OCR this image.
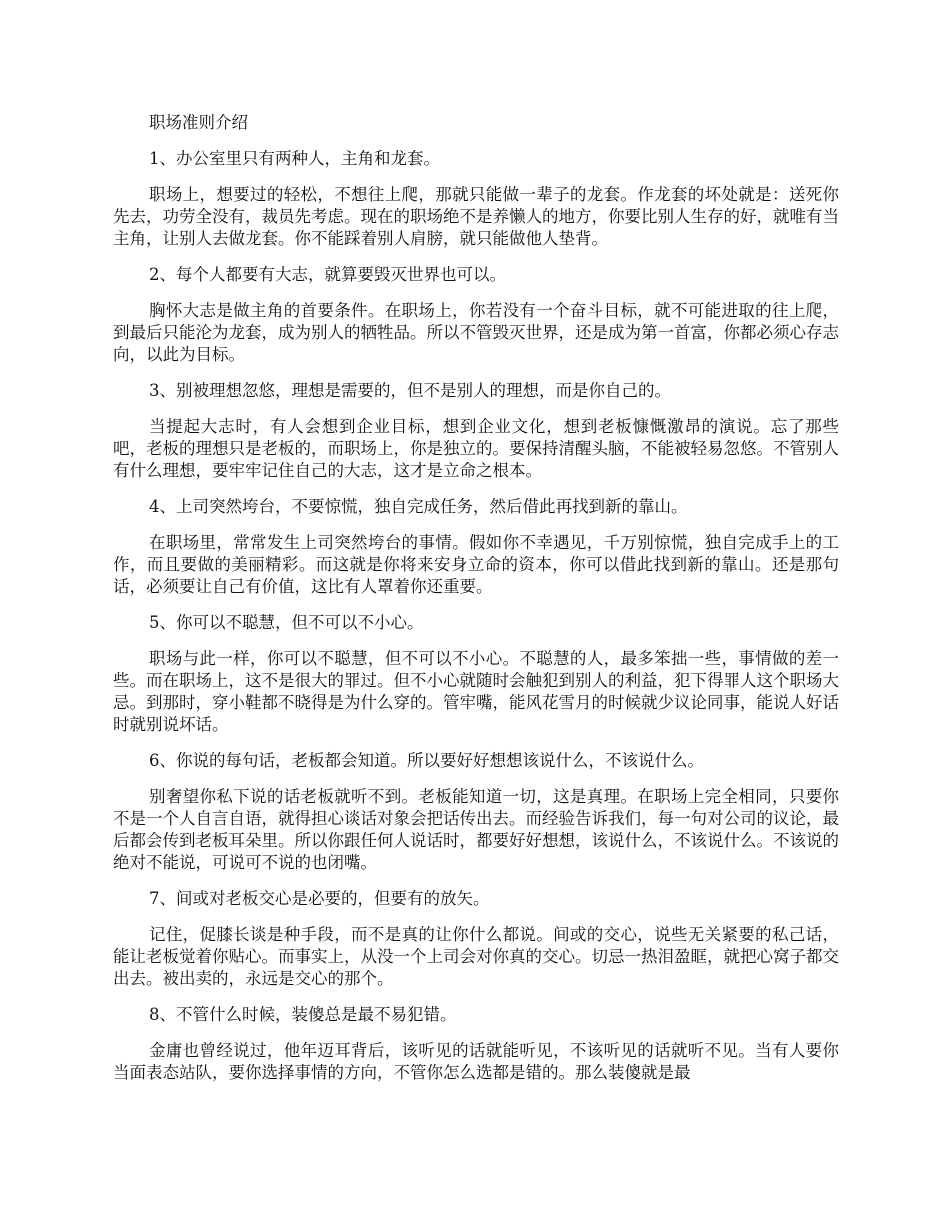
职场准则介绍

1、办公室里只有两种人，主角和龙套。

职场上，想要过的轻松，不想往上爬，那就只能做一辈子的龙套。作龙套的坏处就是：送死你先去，功劳全没有，裁员先考虑。现在的职场绝不是养懒人的地方，你要比别人生存的好，就唯有当主角，让别人去做龙套。你不能踩着别人肩膀，就只能做他人垫背。

2、每个人都要有大志，就算要毁灭世界也可以。

胸怀大志是做主角的首要条件。在职场上，你若没有一个奋斗目标，就不可能进取的往上爬，到最后只能沦为龙套，成为别人的牺牲品。所以不管毁灭世界，还是成为第一首富，你都必须心存志向，以此为目标。

3、别被理想忽悠，理想是需要的，但不是别人的理想，而是你自己的。

当提起大志时，有人会想到企业目标，想到企业文化，想到老板慷慨激昂的演说。忘了那些吧，老板的理想只是老板的，而职场上，你是独立的。要保持清醒头脑，不能被轻易忽悠。不管别人有什么理想，要牢牢记住自己的大志，这才是立命之根本。

4、上司突然垮台，不要惊慌，独自完成任务，然后借此再找到新的靠山。

在职场里，常常发生上司突然垮台的事情。假如你不幸遇见，千万别惊慌，独自完成手上的工作，而且要做的美丽精彩。而这就是你将来安身立命的资本，你可以借此找到新的靠山。还是那句话，必须要让自己有价值，这比有人罩着你还重要。

5、你可以不聪慧，但不可以不小心。

职场与此一样，你可以不聪慧，但不可以不小心。不聪慧的人，最多笨拙一些，事情做的差一些。而在职场上，这不是很大的罪过。但不小心就随时会触犯到别人的利益，犯下得罪人这个职场大忌。到那时，穿小鞋都不晓得是为什么穿的。管牢嘴，能风花雪月的时候就少议论同事，能说人好话时就别说坏话。

6、你说的每句话，老板都会知道。所以要好好想想该说什么，不该说什么。

别奢望你私下说的话老板就听不到。老板能知道一切，这是真理。在职场上完全相同，只要你不是一个人自言自语，就得担心谈话对象会把话传出去。而经验告诉我们，每一句对公司的议论，最后都会传到老板耳朵里。所以你跟任何人说话时，都要好好想想，该说什么，不该说什么。不该说的绝对不能说，可说可不说的也闭嘴。

7、间或对老板交心是必要的，但要有的放矢。

记住，促膝长谈是种手段，而不是真的让你什么都说。间或的交心，说些无关紧要的私己话，能让老板觉着你贴心。而事实上，从没一个上司会对你真的交心。切忌一热泪盈眶，就把心窝子都交出去。被出卖的，永远是交心的那个。

8、不管什么时候，装傻总是最不易犯错。

金庸也曾经说过，他年迈耳背后，该听见的话就能听见，不该听见的话就听不见。当有人要你当面表态站队，要你选择事情的方向，不管你怎么选都是错的。那么装傻就是最
